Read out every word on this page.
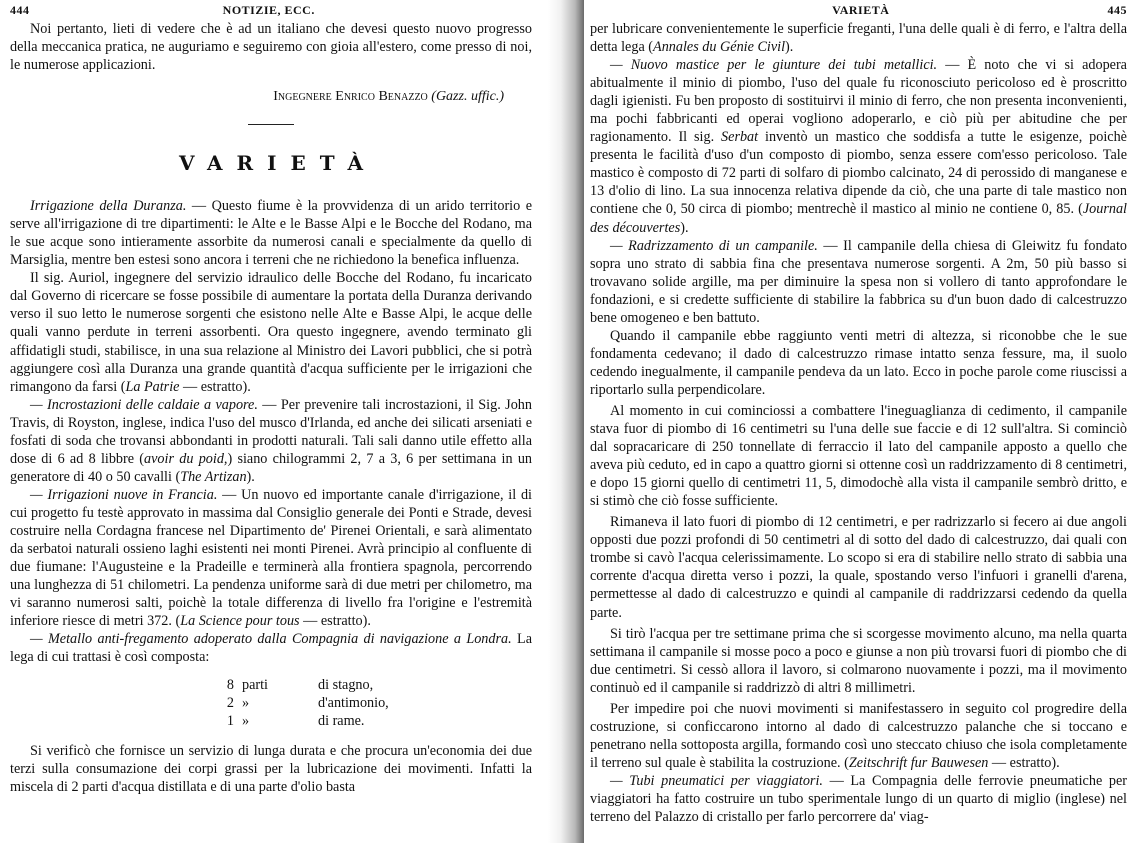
444	NOTIZIE, ECC.

Noi pertanto, lieti di vedere che è ad un italiano che devesi questo nuovo progresso della meccanica pratica, ne auguriamo e seguiremo con gioia all'estero, come presso di noi, le numerose applicazioni.

Ingegnere Enrico Benazzo (Gazz. uffic.)
VARIETÀ

Irrigazione della Duranza. — Questo fiume è la provvidenza di un arido territorio e serve all'irrigazione di tre dipartimenti: le Alte e le Basse Alpi e le Bocche del Rodano, ma le sue acque sono intieramente assorbite da numerosi canali e specialmente da quello di Marsiglia, mentre ben estesi sono ancora i terreni che ne richiedono la benefica influenza.

Il sig. Auriol, ingegnere del servizio idraulico delle Bocche del Rodano, fu incaricato dal Governo di ricercare se fosse possibile di aumentare la portata della Duranza derivando verso il suo letto le numerose sorgenti che esistono nelle Alte e Basse Alpi, le acque delle quali vanno perdute in terreni assorbenti. Ora questo ingegnere, avendo terminato gli affidatigli studi, stabilisce, in una sua relazione al Ministro dei Lavori pubblici, che si potrà aggiungere così alla Duranza una grande quantità d'acqua sufficiente per le irrigazioni che rimangono da farsi (La Patrie — estratto).

— Incrostazioni delle caldaie a vapore. — Per prevenire tali incrostazioni, il Sig. John Travis, di Royston, inglese, indica l'uso del musco d'Irlanda, ed anche dei silicati arseniati e fosfati di soda che trovansi abbondanti in prodotti naturali. Tali sali danno utile effetto alla dose di 6 ad 8 libbre (avoir du poid,) siano chilogrammi 2, 7 a 3, 6 per settimana in un generatore di 40 o 50 cavalli (The Artizan).

— Irrigazioni nuove in Francia. — Un nuovo ed importante canale d'irrigazione, il di cui progetto fu testè approvato in massima dal Consiglio generale dei Ponti e Strade, devesi costruire nella Cordagna francese nel Dipartimento de' Pirenei Orientali, e sarà alimentato da serbatoi naturali ossieno laghi esistenti nei monti Pirenei. Avrà principio al confluente di due fiumane: l'Augusteine e la Pradeille e terminerà alla frontiera spagnola, percorrendo una lunghezza di 51 chilometri. La pendenza uniforme sarà di due metri per chilometro, ma vi saranno numerosi salti, poichè la totale differenza di livello fra l'origine e l'estremità inferiore riesce di metri 372. (La Science pour tous — estratto).

— Metallo anti-fregamento adoperato dalla Compagnia di navigazione a Londra. La lega di cui trattasi è così composta:

8 parti	di stagno,
2 »	d'antimonio,
1 »	di rame.

Si verificò che fornisce un servizio di lunga durata e che procura un'economia dei due terzi sulla consumazione dei corpi grassi per la lubricazione dei movimenti. Infatti la miscela di 2 parti d'acqua distillata e di una parte d'olio basta

VARIETÀ	445

per lubricare convenientemente le superficie freganti, l'una delle quali è di ferro, e l'altra della detta lega (Annales du Génie Civil).

— Nuovo mastice per le giunture dei tubi metallici. — È noto che vi si adopera abitualmente il minio di piombo, l'uso del quale fu riconosciuto pericoloso ed è proscritto dagli igienisti. Fu ben proposto di sostituirvi il minio di ferro, che non presenta inconvenienti, ma pochi fabbricanti ed operai vogliono adoperarlo, e ciò più per abitudine che per ragionamento. Il sig. Serbat inventò un mastico che soddisfa a tutte le esigenze, poichè presenta le facilità d'uso d'un composto di piombo, senza essere com'esso pericoloso. Tale mastico è composto di 72 parti di solfaro di piombo calcinato, 24 di perossido di manganese e 13 d'olio di lino. La sua innocenza relativa dipende da ciò, che una parte di tale mastico non contiene che 0, 50 circa di piombo; mentrechè il mastico al minio ne contiene 0, 85. (Journal des découvertes).

— Radrizzamento di un campanile. — Il campanile della chiesa di Gleiwitz fu fondato sopra uno strato di sabbia fina che presentava numerose sorgenti. A 2m, 50 più basso si trovavano solide argille, ma per diminuire la spesa non si vollero di tanto approfondare le fondazioni, e si credette sufficiente di stabilire la fabbrica su d'un buon dado di calcestruzzo bene omogeneo e ben battuto.

Quando il campanile ebbe raggiunto venti metri di altezza, si riconobbe che le sue fondamenta cedevano; il dado di calcestruzzo rimase intatto senza fessure, ma, il suolo cedendo inegualmente, il campanile pendeva da un lato. Ecco in poche parole come riuscissi a riportarlo sulla perpendicolare.

Al momento in cui cominciossi a combattere l'ineguaglianza di cedimento, il campanile stava fuor di piombo di 16 centimetri su l'una delle sue faccie e di 12 sull'altra. Si cominciò dal sopracaricare di 250 tonnellate di ferraccio il lato del campanile apposto a quello che aveva più ceduto, ed in capo a quattro giorni si ottenne così un raddrizzamento di 8 centimetri, e dopo 15 giorni quello di centimetri 11, 5, dimodochè alla vista il campanile sembrò dritto, e si stimò che ciò fosse sufficiente.

Rimaneva il lato fuori di piombo di 12 centimetri, e per radrizzarlo si fecero ai due angoli opposti due pozzi profondi di 50 centimetri al di sotto del dado di calcestruzzo, dai quali con trombe si cavò l'acqua celerissimamente. Lo scopo si era di stabilire nello strato di sabbia una corrente d'acqua diretta verso i pozzi, la quale, spostando verso l'infuori i granelli d'arena, permettesse al dado di calcestruzzo e quindi al campanile di raddrizzarsi cedendo da quella parte.

Si tirò l'acqua per tre settimane prima che si scorgesse movimento alcuno, ma nella quarta settimana il campanile si mosse poco a poco e giunse a non più trovarsi fuori di piombo che di due centimetri. Si cessò allora il lavoro, si colmarono nuovamente i pozzi, ma il movimento continuò ed il campanile si raddrizzò di altri 8 millimetri.

Per impedire poi che nuovi movimenti si manifestassero in seguito col progredire della costruzione, si conficcarono intorno al dado di calcestruzzo palanche che si toccano e penetrano nella sottoposta argilla, formando così uno steccato chiuso che isola completamente il terreno sul quale è stabilita la costruzione. (Zeitschrift fur Bauwesen — estratto).

— Tubi pneumatici per viaggiatori. — La Compagnia delle ferrovie pneumatiche per viaggiatori ha fatto costruire un tubo sperimentale lungo di un quarto di miglio (inglese) nel terreno del Palazzo di cristallo per farlo percorrere da' viag-
